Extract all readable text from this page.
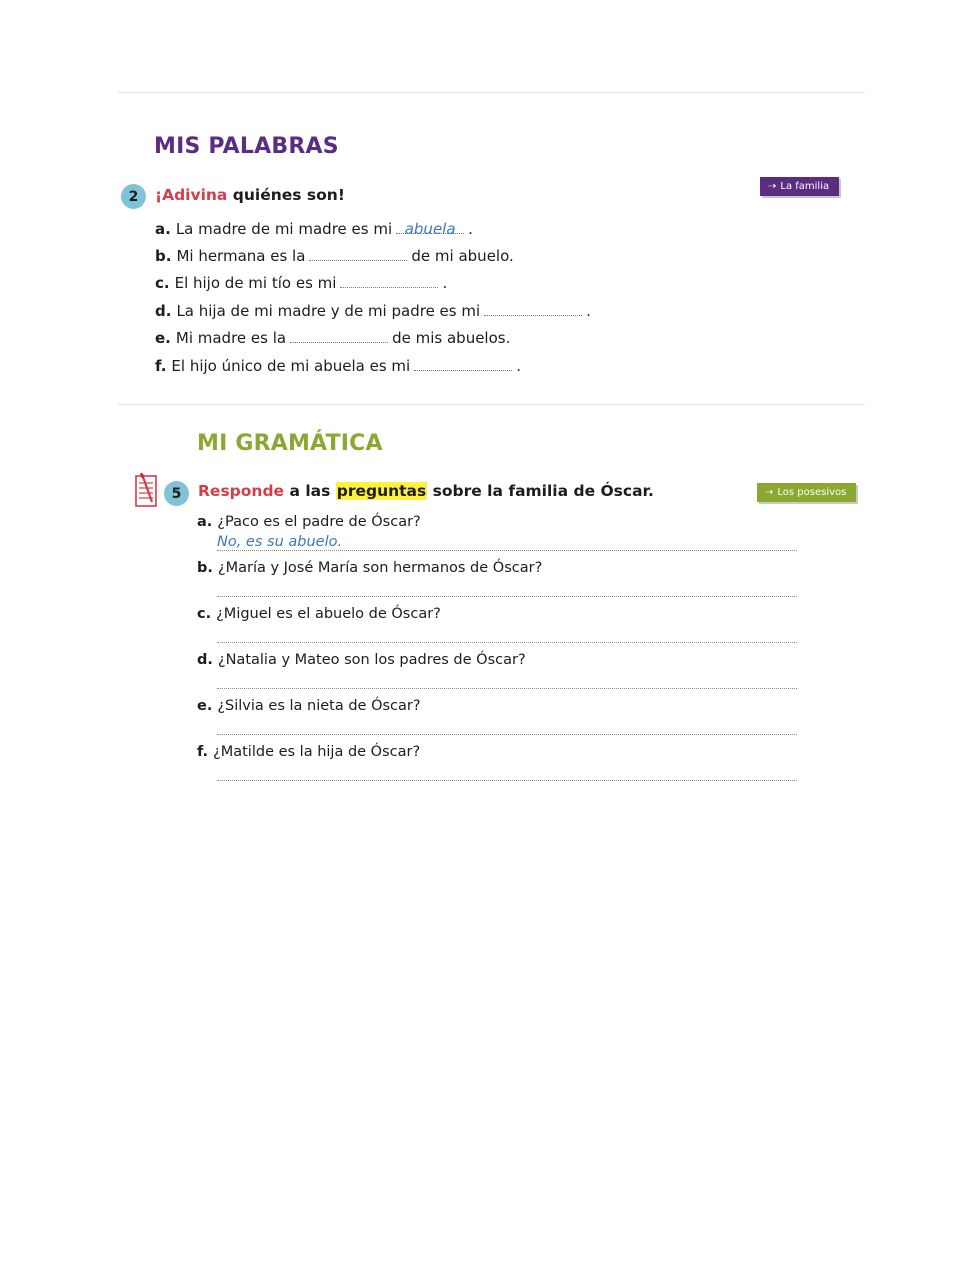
MIS PALABRAS
2	¡Adivina quiénes son!	⇢ La familia
a. La madre de mi madre es mi abuela .
b. Mi hermana es la	de mi abuelo.
c. El hijo de mi tío es mi	.
d. La hija de mi madre y de mi padre es mi	.
e. Mi madre es la	de mis abuelos.
f. El hijo único de mi abuela es mi	.
MI GRAMÁTICA
5	Responde a las preguntas sobre la familia de Óscar.	⇢ Los posesivos
a. ¿Paco es el padre de Óscar?
No, es su abuelo.
b. ¿María y José María son hermanos de Óscar?
c. ¿Miguel es el abuelo de Óscar?
d. ¿Natalia y Mateo son los padres de Óscar?
e. ¿Silvia es la nieta de Óscar?
f. ¿Matilde es la hija de Óscar?
